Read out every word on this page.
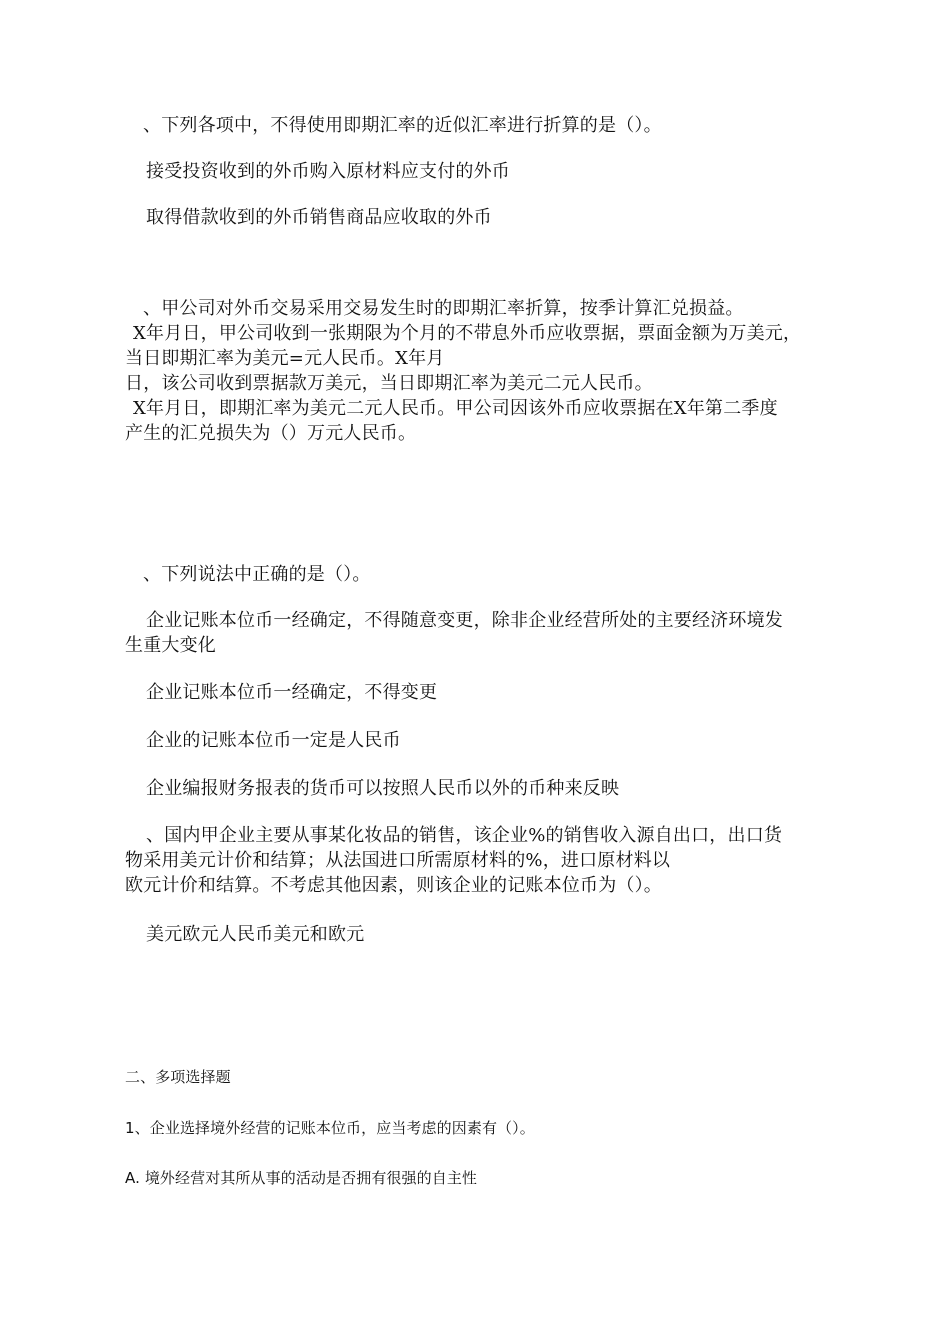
、下列各项中，不得使用即期汇率的近似汇率进行折算的是（）。
接受投资收到的外币购入原材料应支付的外币
取得借款收到的外币销售商品应收取的外币
、甲公司对外币交易采用交易发生时的即期汇率折算，按季计算汇兑损益。
X年月日，甲公司收到一张期限为个月的不带息外币应收票据，票面金额为万美元，
当日即期汇率为美元=元人民币。X年月
日，该公司收到票据款万美元，当日即期汇率为美元二元人民币。
X年月日，即期汇率为美元二元人民币。甲公司因该外币应收票据在X年第二季度
产生的汇兑损失为（）万元人民币。
、下列说法中正确的是（）。
企业记账本位币一经确定，不得随意变更，除非企业经营所处的主要经济环境发
生重大变化
企业记账本位币一经确定，不得变更
企业的记账本位币一定是人民币
企业编报财务报表的货币可以按照人民币以外的币种来反映
、国内甲企业主要从事某化妆品的销售，该企业%的销售收入源自出口，出口货
物采用美元计价和结算；从法国进口所需原材料的%，进口原材料以
欧元计价和结算。不考虑其他因素，则该企业的记账本位币为（）。
美元欧元人民币美元和欧元
二、多项选择题
1、企业选择境外经营的记账本位币，应当考虑的因素有（）。
A. 境外经营对其所从事的活动是否拥有很强的自主性
